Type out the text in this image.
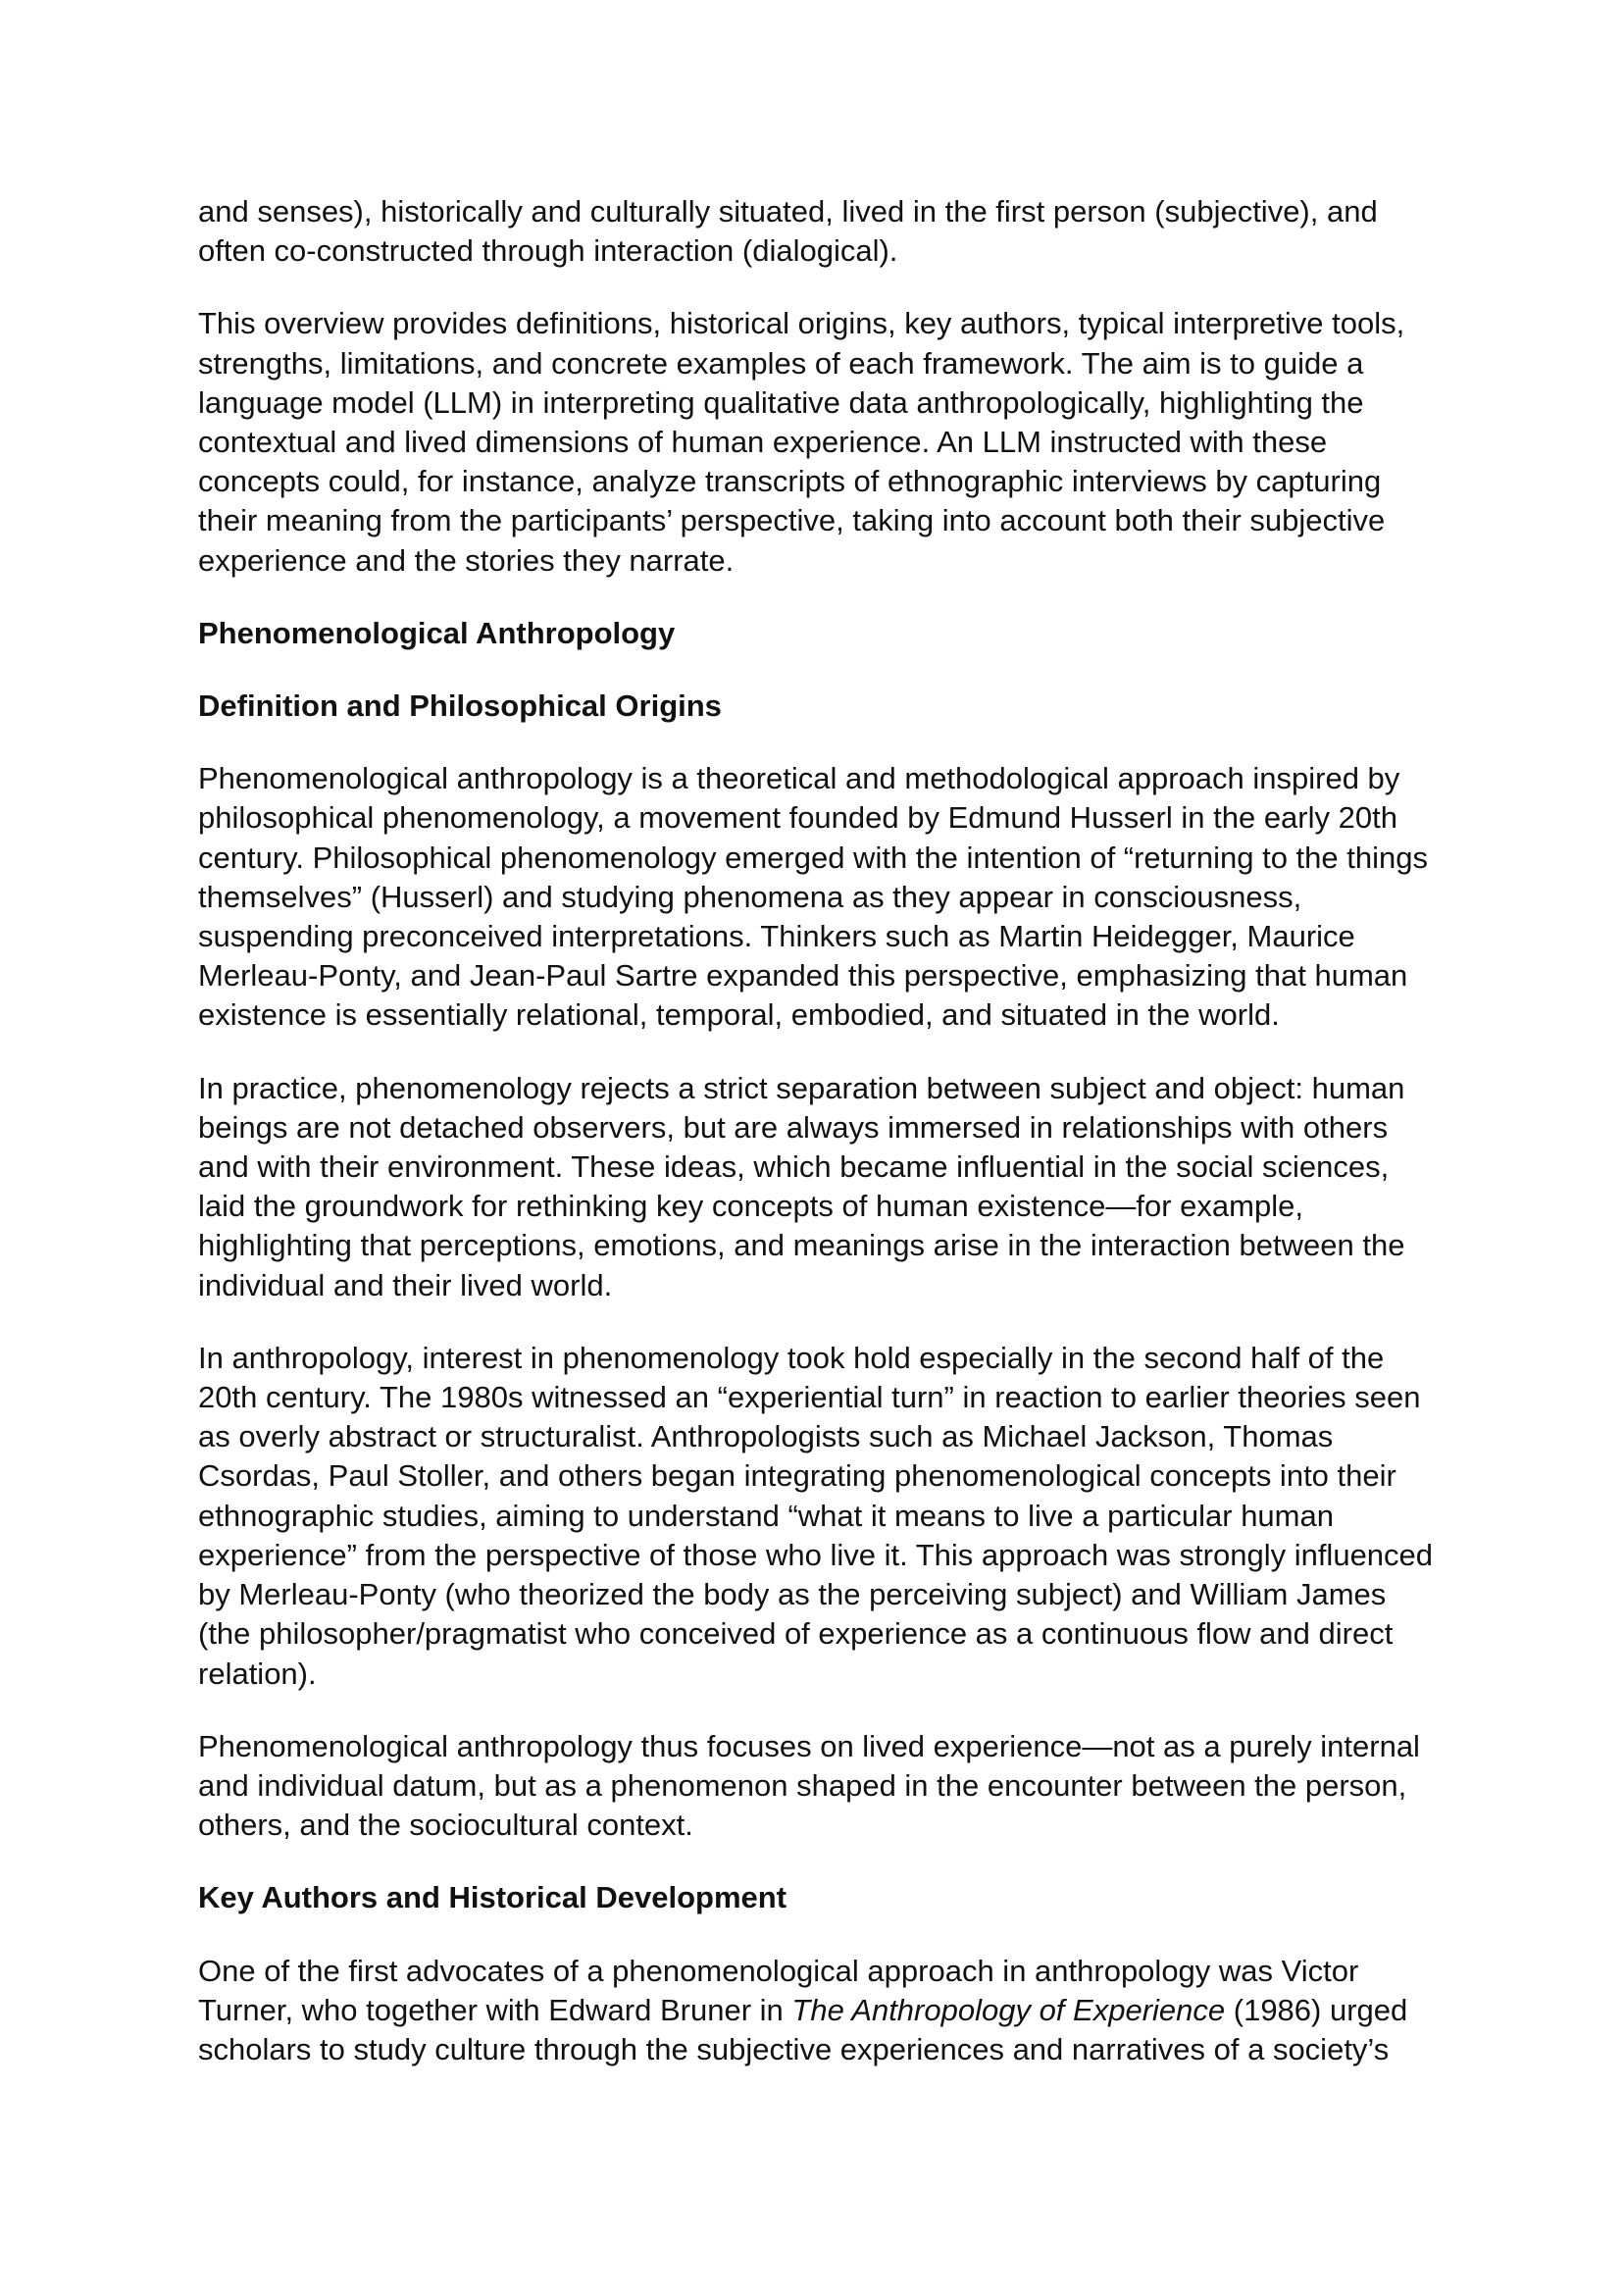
and senses), historically and culturally situated, lived in the first person (subjective), and often co-constructed through interaction (dialogical).

This overview provides definitions, historical origins, key authors, typical interpretive tools, strengths, limitations, and concrete examples of each framework. The aim is to guide a language model (LLM) in interpreting qualitative data anthropologically, highlighting the contextual and lived dimensions of human experience. An LLM instructed with these concepts could, for instance, analyze transcripts of ethnographic interviews by capturing their meaning from the participants’ perspective, taking into account both their subjective experience and the stories they narrate.

Phenomenological Anthropology
Definition and Philosophical Origins

Phenomenological anthropology is a theoretical and methodological approach inspired by philosophical phenomenology, a movement founded by Edmund Husserl in the early 20th century. Philosophical phenomenology emerged with the intention of “returning to the things themselves” (Husserl) and studying phenomena as they appear in consciousness, suspending preconceived interpretations. Thinkers such as Martin Heidegger, Maurice Merleau-Ponty, and Jean-Paul Sartre expanded this perspective, emphasizing that human existence is essentially relational, temporal, embodied, and situated in the world.

In practice, phenomenology rejects a strict separation between subject and object: human beings are not detached observers, but are always immersed in relationships with others and with their environment. These ideas, which became influential in the social sciences, laid the groundwork for rethinking key concepts of human existence—for example, highlighting that perceptions, emotions, and meanings arise in the interaction between the individual and their lived world.

In anthropology, interest in phenomenology took hold especially in the second half of the 20th century. The 1980s witnessed an “experiential turn” in reaction to earlier theories seen as overly abstract or structuralist. Anthropologists such as Michael Jackson, Thomas Csordas, Paul Stoller, and others began integrating phenomenological concepts into their ethnographic studies, aiming to understand “what it means to live a particular human experience” from the perspective of those who live it. This approach was strongly influenced by Merleau-Ponty (who theorized the body as the perceiving subject) and William James (the philosopher/pragmatist who conceived of experience as a continuous flow and direct relation).

Phenomenological anthropology thus focuses on lived experience—not as a purely internal and individual datum, but as a phenomenon shaped in the encounter between the person, others, and the sociocultural context.

Key Authors and Historical Development

One of the first advocates of a phenomenological approach in anthropology was Victor Turner, who together with Edward Bruner in The Anthropology of Experience (1986) urged scholars to study culture through the subjective experiences and narratives of a society’s
